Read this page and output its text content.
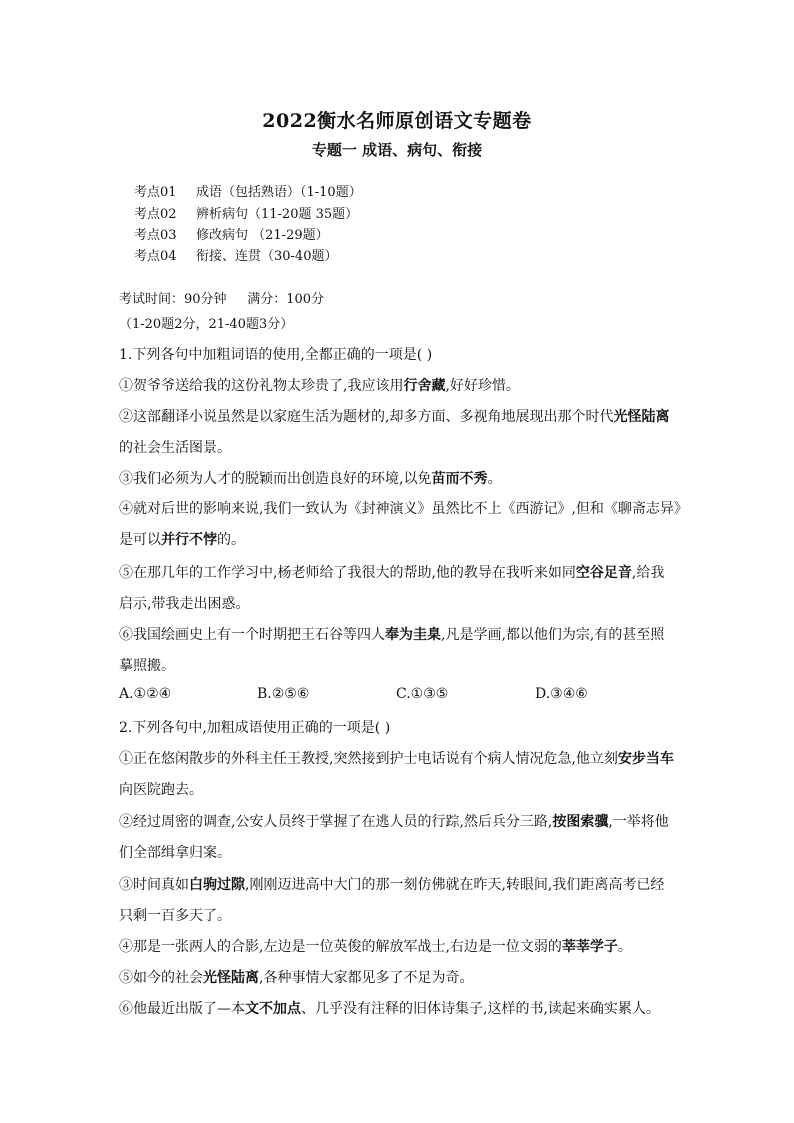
2022衡水名师原创语文专题卷
专题一 成语、病句、衔接
考点01 成语（包括熟语）（1-10题）
考点02 辨析病句（11-20题 35题）
考点03 修改病句 （21-29题）
考点04 衔接、连贯（30-40题）
考试时间：90分钟     满分：100分
（1-20题2分，21-40题3分）
1.下列各句中加粗词语的使用,全都正确的一项是( )
①贺爷爷送给我的这份礼物太珍贵了,我应该用行舍藏,好好珍惜。
②这部翻译小说虽然是以家庭生活为题材的,却多方面、多视角地展现出那个时代光怪陆离
的社会生活图景。
③我们必须为人才的脱颖而出创造良好的环境,以免苗而不秀。
④就对后世的影响来说,我们一致认为《封神演义》虽然比不上《西游记》,但和《聊斋志异》
是可以并行不悖的。
⑤在那几年的工作学习中,杨老师给了我很大的帮助,他的教导在我听来如同空谷足音,给我
启示,带我走出困惑。
⑥我国绘画史上有一个时期把王石谷等四人奉为圭臬,凡是学画,都以他们为宗,有的甚至照
摹照搬。
A.①②④	B.②⑤⑥	C.①③⑤	D.③④⑥
2.下列各句中,加粗成语使用正确的一项是( )
①正在悠闲散步的外科主任王教授,突然接到护士电话说有个病人情况危急,他立刻安步当车
向医院跑去。
②经过周密的调查,公安人员终于掌握了在逃人员的行踪,然后兵分三路,按图索骥,一举将他
们全部缉拿归案。
③时间真如白驹过隙,刚刚迈进高中大门的那一刻仿佛就在昨天,转眼间,我们距离高考已经
只剩一百多天了。
④那是一张两人的合影,左边是一位英俊的解放军战士,右边是一位文弱的莘莘学子。
⑤如今的社会光怪陆离,各种事情大家都见多了不足为奇。
⑥他最近出版了—本文不加点、几乎没有注释的旧体诗集子,这样的书,读起来确实累人。
